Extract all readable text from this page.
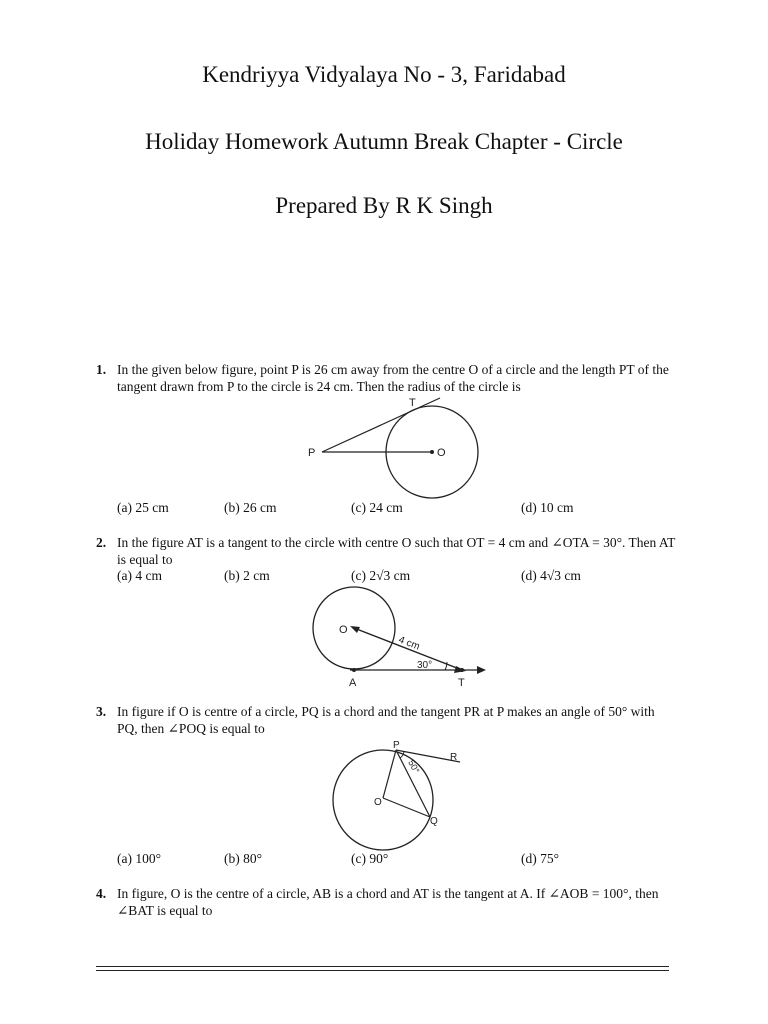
Kendriyya Vidyalaya No - 3, Faridabad
Holiday Homework Autumn Break Chapter - Circle
Prepared By R K Singh
1. In the given below figure, point P is 26 cm away from the centre O of a circle and the length PT of the tangent drawn from P to the circle is 24 cm. Then the radius of the circle is
T
P	O
(a) 25 cm	(b) 26 cm	(c) 24 cm	(d) 10 cm
2. In the figure AT is a tangent to the circle with centre O such that OT = 4 cm and ∠OTA = 30°. Then AT is equal to
(a) 4 cm	(b) 2 cm	(c) 2√3 cm	(d) 4√3 cm
O
4 cm
30°
A	T
3. In figure if O is centre of a circle, PQ is a chord and the tangent PR at P makes an angle of 50° with PQ, then ∠POQ is equal to
P
R
50°
O
Q
(a) 100°	(b) 80°	(c) 90°	(d) 75°
4. In figure, O is the centre of a circle, AB is a chord and AT is the tangent at A. If ∠AOB = 100°, then ∠BAT is equal to
